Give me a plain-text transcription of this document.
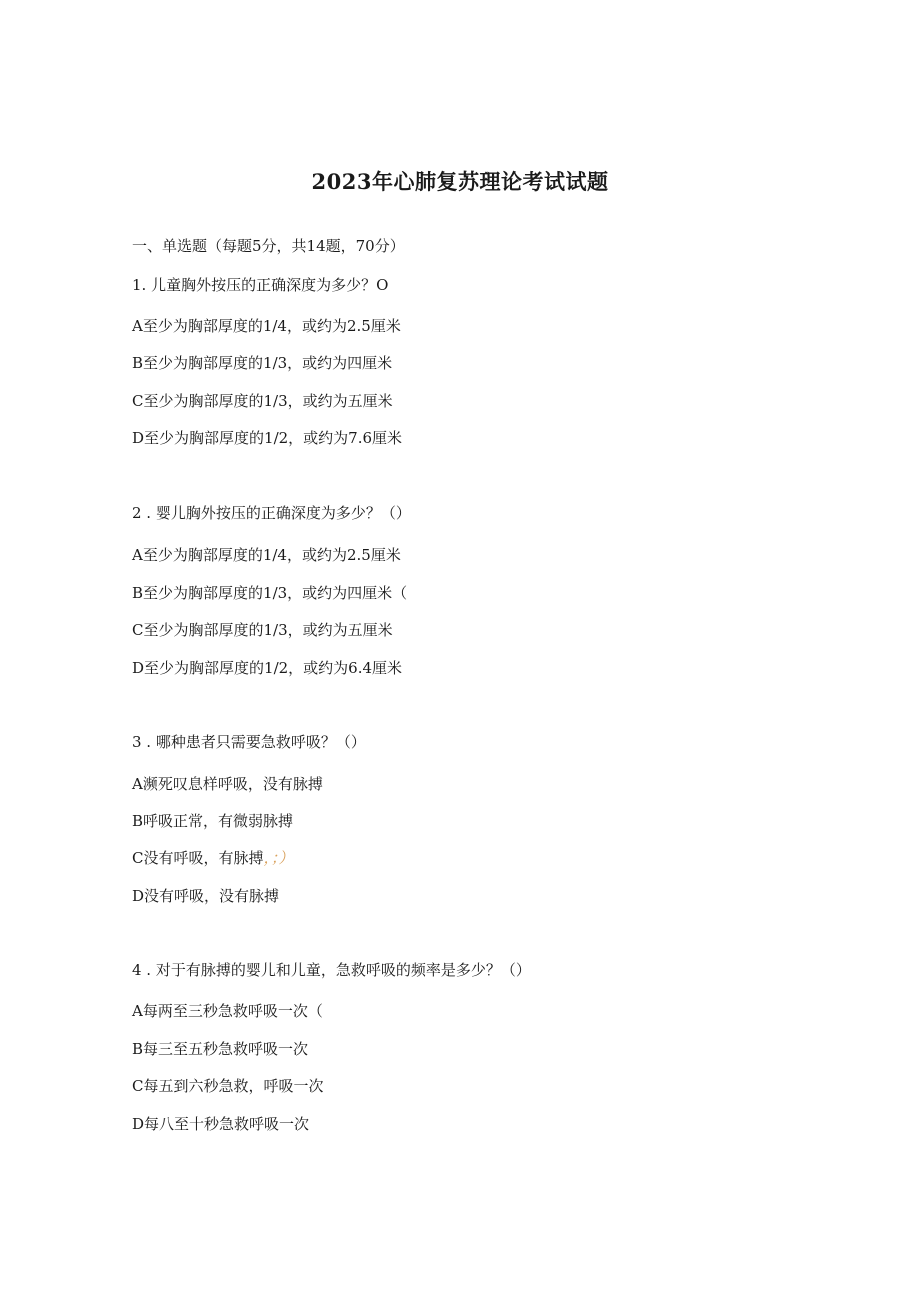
2023年心肺复苏理论考试试题
一、单选题（每题5分，共14题，70分）
1. 儿童胸外按压的正确深度为多少？O
A至少为胸部厚度的1/4，或约为2.5厘米
B至少为胸部厚度的1/3，或约为四厘米
C至少为胸部厚度的1/3，或约为五厘米
D至少为胸部厚度的1/2，或约为7.6厘米
2 . 婴儿胸外按压的正确深度为多少？（）
A至少为胸部厚度的1/4，或约为2.5厘米
B至少为胸部厚度的1/3，或约为四厘米（
C至少为胸部厚度的1/3，或约为五厘米
D至少为胸部厚度的1/2，或约为6.4厘米
3 . 哪种患者只需要急救呼吸？（）
A濒死叹息样呼吸，没有脉搏
B呼吸正常，有微弱脉搏
C没有呼吸，有脉搏，；）
D没有呼吸，没有脉搏
4 . 对于有脉搏的婴儿和儿童，急救呼吸的频率是多少？（）
A每两至三秒急救呼吸一次（
B每三至五秒急救呼吸一次
C每五到六秒急救，呼吸一次
D每八至十秒急救呼吸一次
